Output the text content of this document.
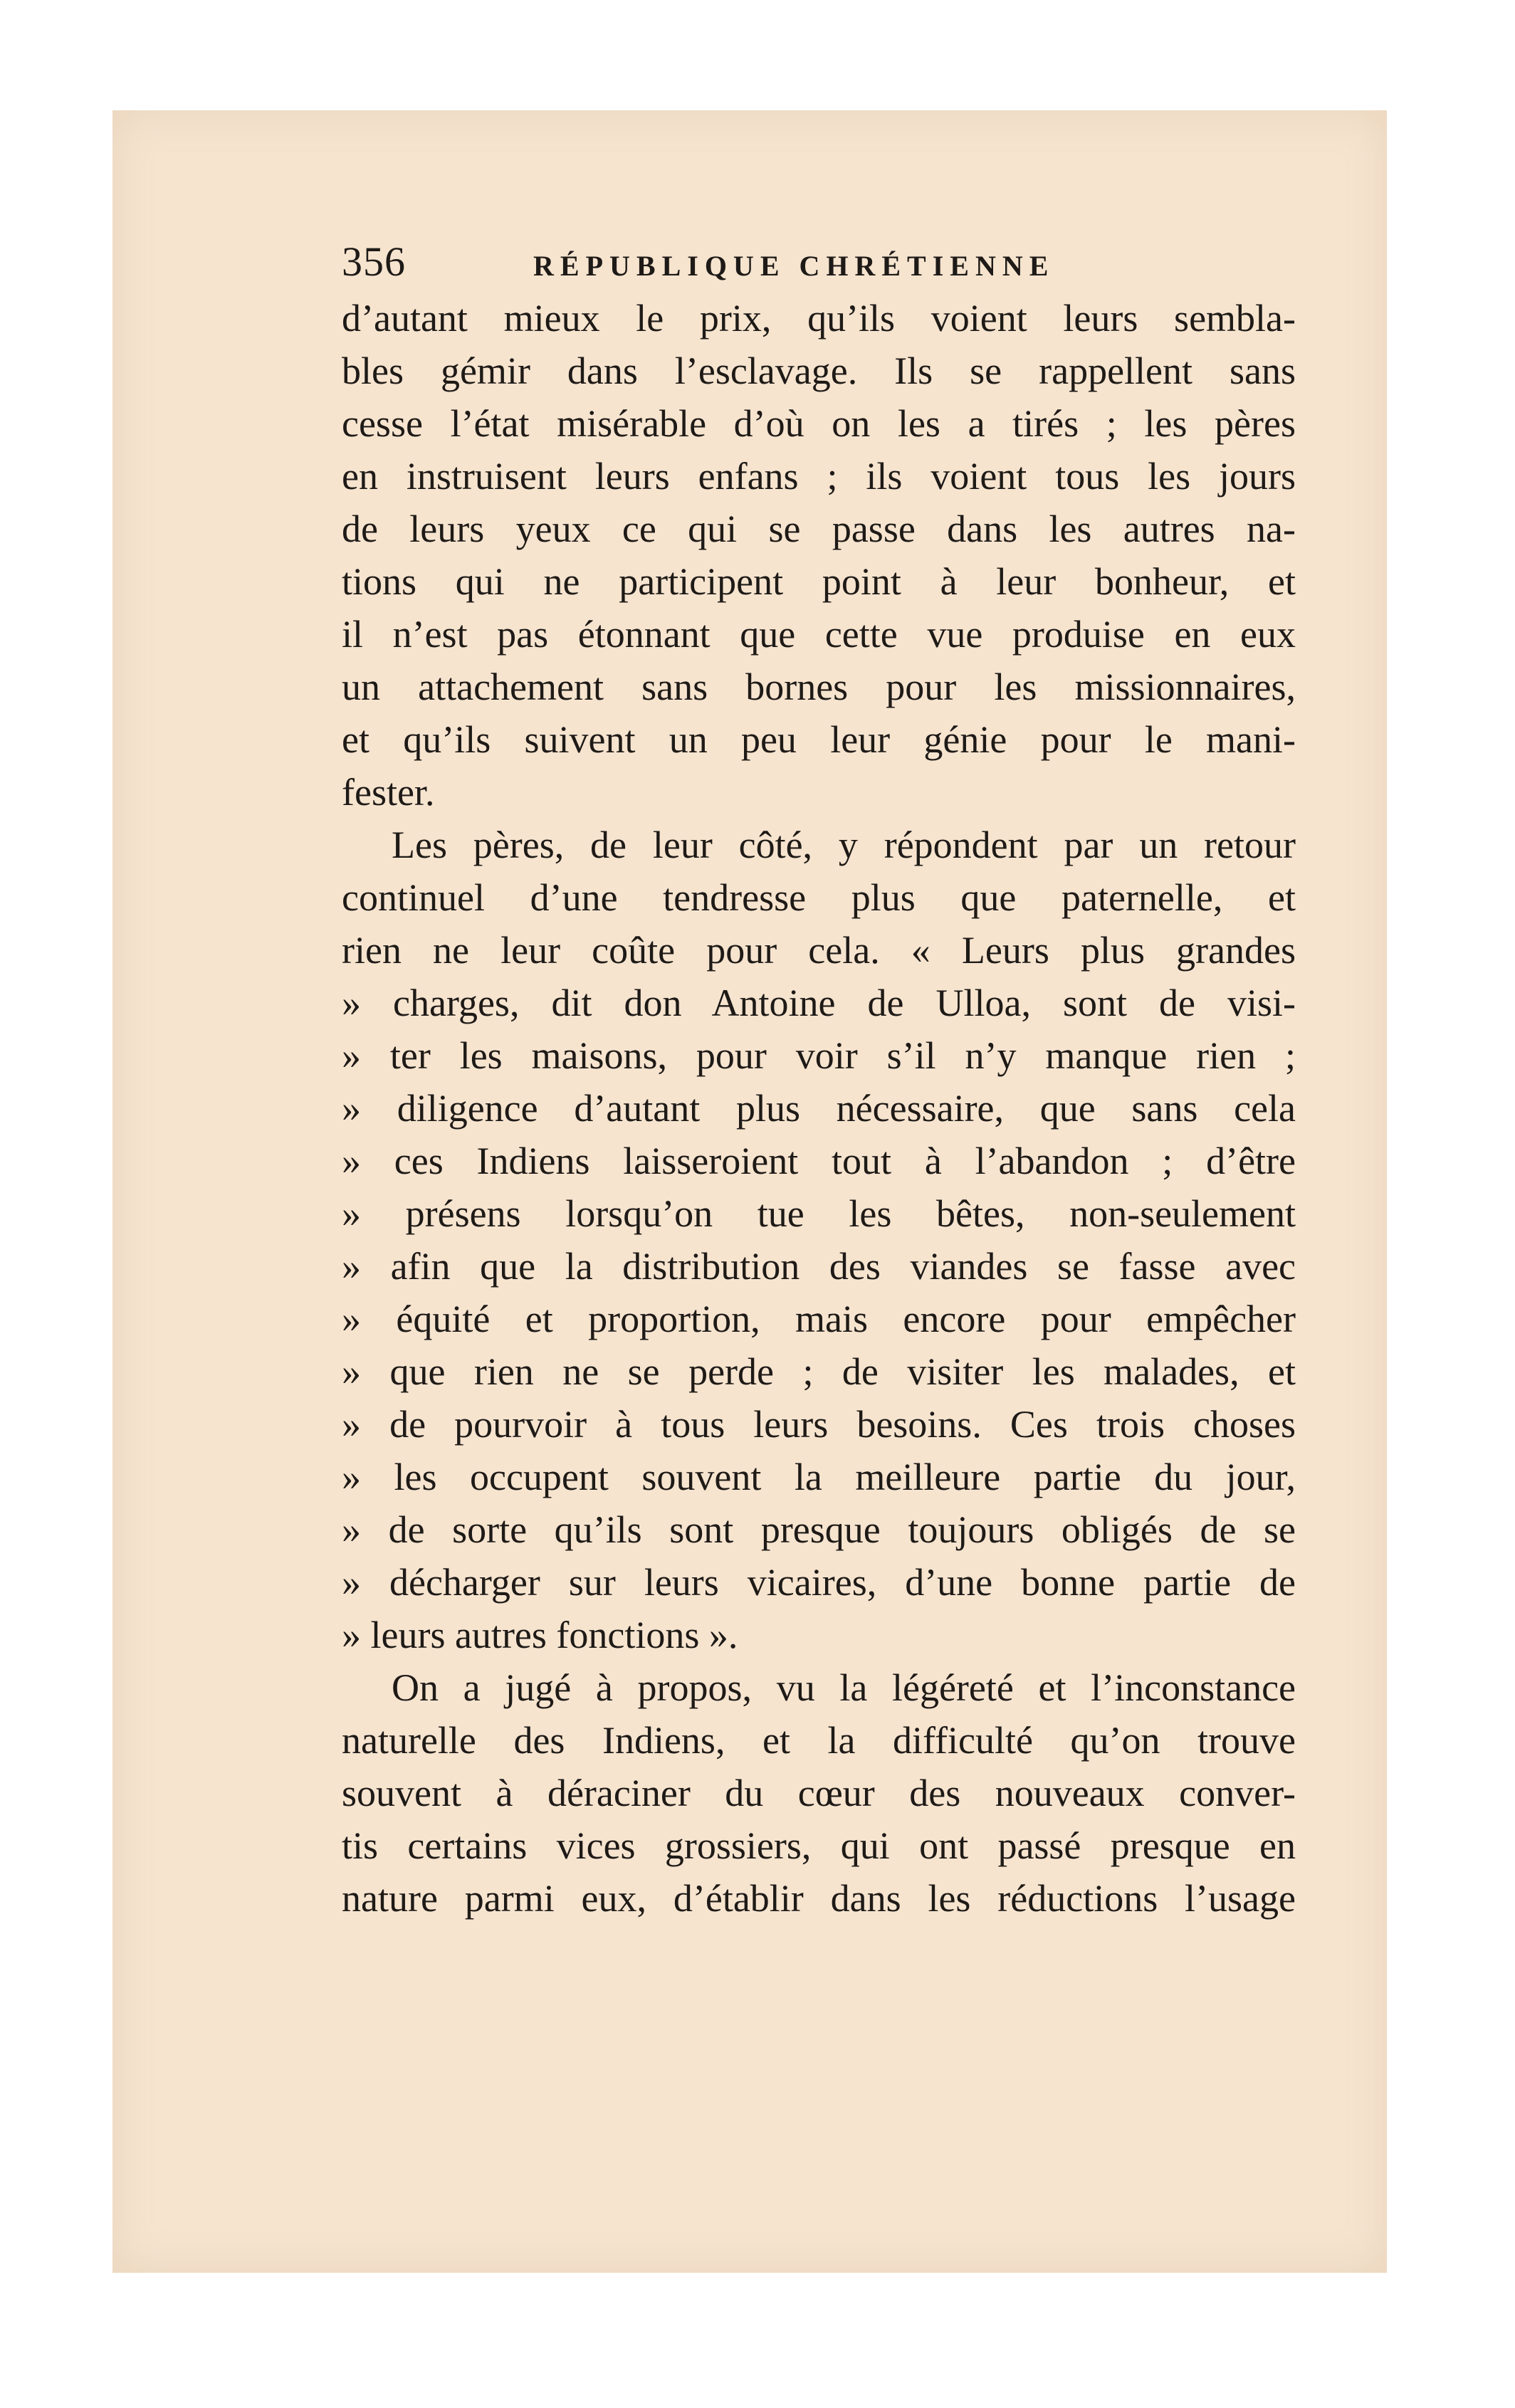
356	RÉPUBLIQUE CHRÉTIENNE
d’autant mieux le prix, qu’ils voient leurs sembla-
bles gémir dans l’esclavage. Ils se rappellent sans
cesse l’état misérable d’où on les a tirés ; les pères
en instruisent leurs enfans ; ils voient tous les jours
de leurs yeux ce qui se passe dans les autres na-
tions qui ne participent point à leur bonheur, et
il n’est pas étonnant que cette vue produise en eux
un attachement sans bornes pour les missionnaires,
et qu’ils suivent un peu leur génie pour le mani-
fester.
Les pères, de leur côté, y répondent par un retour
continuel d’une tendresse plus que paternelle, et
rien ne leur coûte pour cela. « Leurs plus grandes
» charges, dit don Antoine de Ulloa, sont de visi-
» ter les maisons, pour voir s’il n’y manque rien ;
» diligence d’autant plus nécessaire, que sans cela
» ces Indiens laisseroient tout à l’abandon ; d’être
» présens lorsqu’on tue les bêtes, non-seulement
» afin que la distribution des viandes se fasse avec
» équité et proportion, mais encore pour empêcher
» que rien ne se perde ; de visiter les malades, et
» de pourvoir à tous leurs besoins. Ces trois choses
» les occupent souvent la meilleure partie du jour,
» de sorte qu’ils sont presque toujours obligés de se
» décharger sur leurs vicaires, d’une bonne partie de
» leurs autres fonctions ».
On a jugé à propos, vu la légéreté et l’inconstance
naturelle des Indiens, et la difficulté qu’on trouve
souvent à déraciner du cœur des nouveaux conver-
tis certains vices grossiers, qui ont passé presque en
nature parmi eux, d’établir dans les réductions l’usage
